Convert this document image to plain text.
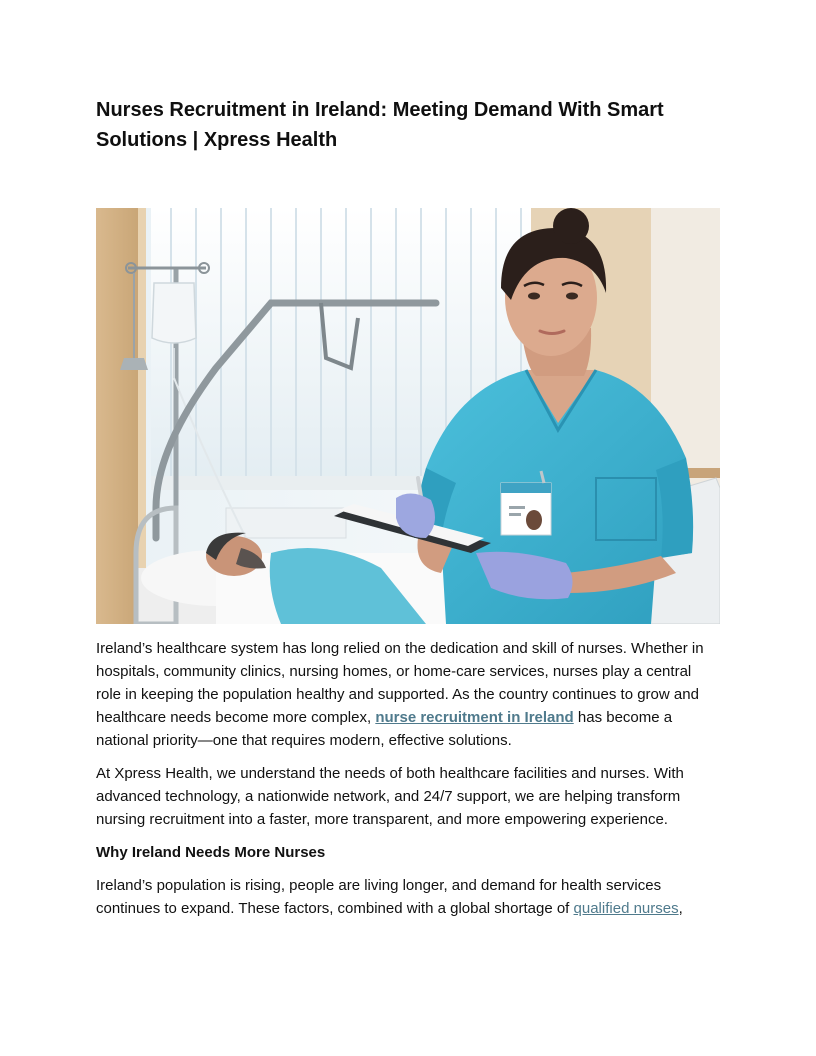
Nurses Recruitment in Ireland: Meeting Demand With Smart Solutions | Xpress Health

Ireland’s healthcare system has long relied on the dedication and skill of nurses. Whether in hospitals, community clinics, nursing homes, or home-care services, nurses play a central role in keeping the population healthy and supported. As the country continues to grow and healthcare needs become more complex, nurse recruitment in Ireland has become a national priority—one that requires modern, effective solutions.

At Xpress Health, we understand the needs of both healthcare facilities and nurses. With advanced technology, a nationwide network, and 24/7 support, we are helping transform nursing recruitment into a faster, more transparent, and more empowering experience.

Why Ireland Needs More Nurses

Ireland’s population is rising, people are living longer, and demand for health services continues to expand. These factors, combined with a global shortage of qualified nurses,
